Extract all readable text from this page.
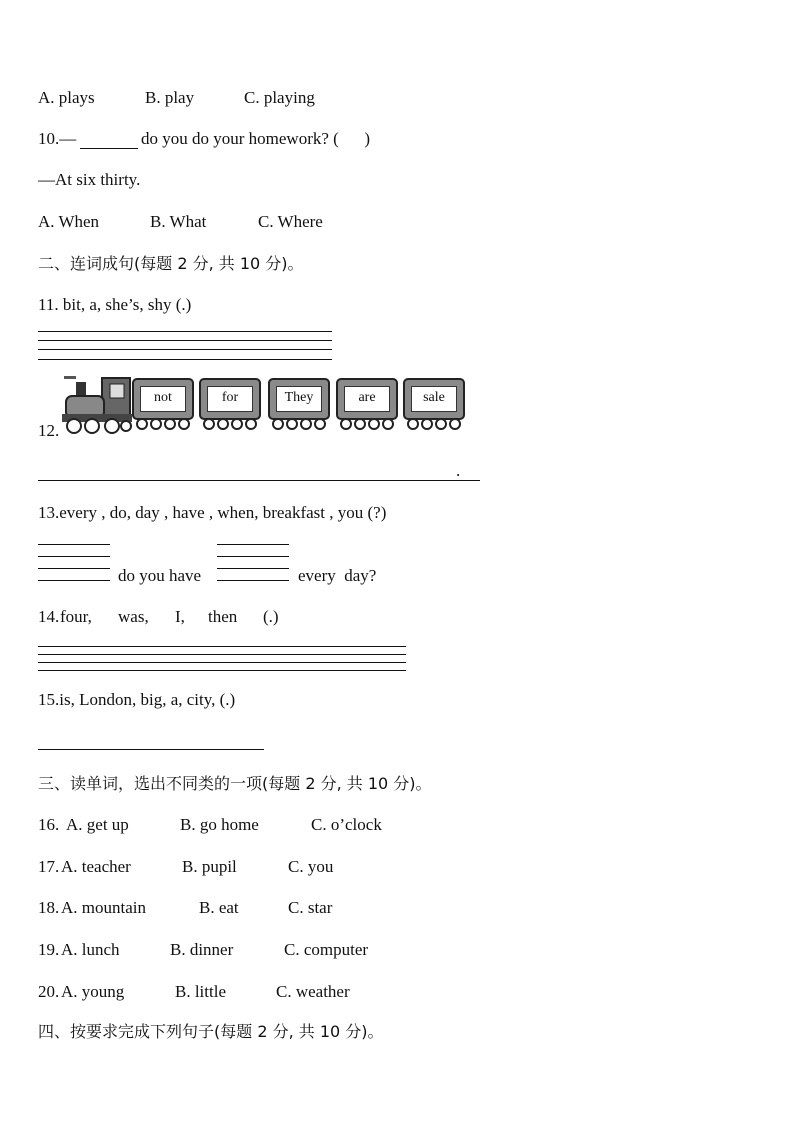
A. plays	B. play	C. playing
10.—	do you do your homework? (      )
—At six thirty.
A. When	B. What	C. Where
二、连词成句(每题 2 分, 共 10 分)。
11. bit, a, she’s, shy (.)
12.
not	for	They	are	sale
.
13.every , do, day , have , when, breakfast , you (?)
do you have	every  day?
14. four, was, I, then (.)
15.is, London, big, a, city, (.)
三、读单词，选出不同类的一项(每题 2 分, 共 10 分)。
16. A. get up	B. go home	C. o’clock
17. A. teacher	B. pupil	C. you
18. A. mountain	B. eat	C. star
19. A. lunch	B. dinner	C. computer
20. A. young	B. little	C. weather
四、按要求完成下列句子(每题 2 分, 共 10 分)。
